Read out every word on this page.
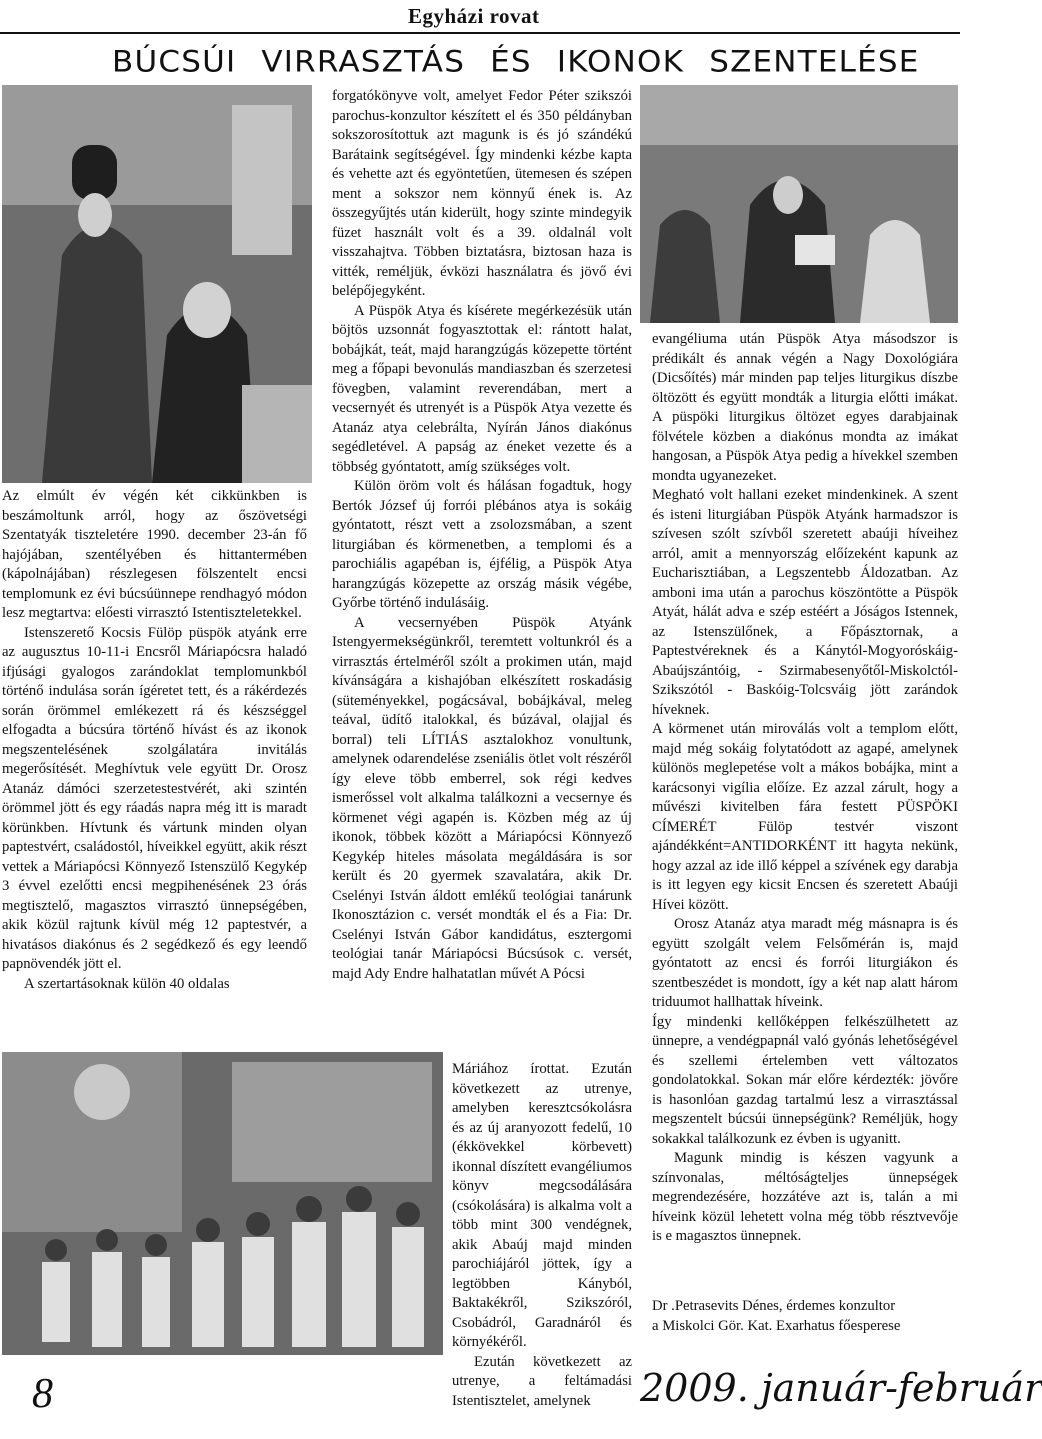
Egyházi rovat
BÚCSÚI VIRRASZTÁS ÉS IKONOK SZENTELÉSE

Az elmúlt év végén két cikkünkben is beszámoltunk arról, hogy az őszövetségi Szentatyák tiszteletére 1990. december 23-án fő hajójában, szentélyében és hittantermében (kápolnájában) részlegesen fölszentelt encsi templomunk ez évi búcsúünnepe rendhagyó módon lesz megtartva: előesti virrasztó Istentiszteletekkel.

Istenszerető Kocsis Fülöp püspök atyánk erre az augusztus 10-11-i Encsről Máriapócsra haladó ifjúsági gyalogos zarándoklat templomunkból történő indulása során ígéretet tett, és a rákérdezés során örömmel emlékezett rá és készséggel elfogadta a búcsúra történő hívást és az ikonok megszentelésének szolgálatára invitálás megerősítését. Meghívtuk vele együtt Dr. Orosz Atanáz dámóci szerzetestestvérét, aki szintén örömmel jött és egy ráadás napra még itt is maradt körünkben. Hívtunk és vártunk minden olyan paptestvért, családostól, híveikkel együtt, akik részt vettek a Máriapócsi Könnyező Istenszülő Kegykép 3 évvel ezelőtti encsi megpihenésének 23 órás megtisztelő, magasztos virrasztó ünnepségében, akik közül rajtunk kívül még 12 paptestvér, a hivatásos diakónus és 2 segédkező és egy leendő papnövendék jött el.

A szertartásoknak külön 40 oldalas

forgatókönyve volt, amelyet Fedor Péter szikszói parochus-konzultor készített el és 350 példányban sokszorosítottuk azt magunk is és jó szándékú Barátaink segítségével. Így mindenki kézbe kapta és vehette azt és egyöntetűen, ütemesen és szépen ment a sokszor nem könnyű ének is. Az összegyűjtés után kiderült, hogy szinte mindegyik füzet használt volt és a 39. oldalnál volt visszahajtva. Többen biztatásra, biztosan haza is vitték, reméljük, évközi használatra és jövő évi belépőjegyként.

A Püspök Atya és kísérete megérkezésük után böjtös uzsonnát fogyasztottak el: rántott halat, bobájkát, teát, majd harangzúgás közepette történt meg a főpapi bevonulás mandiaszban és szerzetesi fövegben, valamint reverendában, mert a vecsernyét és utrenyét is a Püspök Atya vezette és Atanáz atya celebrálta, Nyírán János diakónus segédletével. A papság az éneket vezette és a többség gyóntatott, amíg szükséges volt.

Külön öröm volt és hálásan fogadtuk, hogy Bertók József új forrói plébános atya is sokáig gyóntatott, részt vett a zsolozsmában, a szent liturgiában és körmenetben, a templomi és a parochiális agapéban is, éjfélig, a Püspök Atya harangzúgás közepette az ország másik végébe, Győrbe történő indulásáig.

A vecsernyében Püspök Atyánk Istengyermekségünkről, teremtett voltunkról és a virrasztás értelméről szólt a prokimen után, majd kívánságára a kishajóban elkészített roskadásig (süteményekkel, pogácsával, bobájkával, meleg teával, üdítő italokkal, és búzával, olajjal és borral) teli LÍTIÁS asztalokhoz vonultunk, amelynek odarendelése zseniális ötlet volt részéről így eleve több emberrel, sok régi kedves ismerőssel volt alkalma találkozni a vecsernye és körmenet végi agapén is. Közben még az új ikonok, többek között a Máriapócsi Könnyező Kegykép hiteles másolata megáldására is sor került és 20 gyermek szavalatára, akik Dr. Cselényi István áldott emlékű teológiai tanárunk Ikonosztázion c. versét mondták el és a Fia: Dr. Cselényi István Gábor kandidátus, esztergomi teológiai tanár Máriapócsi Búcsúsok c. versét, majd Ady Endre halhatatlan művét A Pócsi

Máriához írottat. Ezután következett az utrenye, amelyben keresztcsókolásra és az új aranyozott fedelű, 10 (ékkövekkel körbevett) ikonnal díszített evangéliumos könyv megcsodálására (csókolására) is alkalma volt a több mint 300 vendégnek, akik Abaúj majd minden parochiájáról jöttek, így a legtöbben Kányból, Baktakékről, Szikszóról, Csobádról, Garadnáról és környékéről.

Ezután következett az utrenye, a feltámadási Istentisztelet, amelynek

evangéliuma után Püspök Atya másodszor is prédikált és annak végén a Nagy Doxológiára (Dicsőítés) már minden pap teljes liturgikus díszbe öltözött és együtt mondták a liturgia előtti imákat. A püspöki liturgikus öltözet egyes darabjainak fölvétele közben a diakónus mondta az imákat hangosan, a Püspök Atya pedig a hívekkel szemben mondta ugyanezeket.

Megható volt hallani ezeket mindenkinek. A szent és isteni liturgiában Püspök Atyánk harmadszor is szívesen szólt szívből szeretett abaúji híveihez arról, amit a mennyország előízeként kapunk az Eucharisztiában, a Legszentebb Áldozatban. Az amboni ima után a parochus köszöntötte a Püspök Atyát, hálát adva e szép estéért a Jóságos Istennek, az Istenszülőnek, a Főpásztornak, a Paptestvéreknek és a Kánytól-Mogyoróskáig-Abaújszántóig, - Szirmabesenyőtől-Miskolctól-Szikszótól - Baskóig-Tolcsváig jött zarándok híveknek.

A körmenet után miroválás volt a templom előtt, majd még sokáig folytatódott az agapé, amelynek különös meglepetése volt a mákos bobájka, mint a karácsonyi vigília előíze. Ez azzal zárult, hogy a művészi kivitelben fára festett PÜSPÖKI CÍMERÉT Fülöp testvér viszont ajándékként=ANTIDORKÉNT itt hagyta nekünk, hogy azzal az ide illő képpel a szívének egy darabja is itt legyen egy kicsit Encsen és szeretett Abaúji Hívei között.

Orosz Atanáz atya maradt még másnapra is és együtt szolgált velem Felsőmérán is, majd gyóntatott az encsi és forrói liturgiákon és szentbeszédet is mondott, így a két nap alatt három triduumot hallhattak híveink.

Így mindenki kellőképpen felkészülhetett az ünnepre, a vendégpapnál való gyónás lehetőségével és szellemi értelemben vett változatos gondolatokkal. Sokan már előre kérdezték: jövőre is hasonlóan gazdag tartalmú lesz a virrasztással megszentelt búcsúi ünnepségünk? Reméljük, hogy sokakkal találkozunk ez évben is ugyanitt.

Magunk mindig is készen vagyunk a színvonalas, méltóságteljes ünnepségek megrendezésére, hozzátéve azt is, talán a mi híveink közül lehetett volna még több résztvevője is e magasztos ünnepnek.

Dr .Petrasevits Dénes, érdemes konzultor

a Miskolci Gör. Kat. Exarhatus főesperese

8	2009. január-február
